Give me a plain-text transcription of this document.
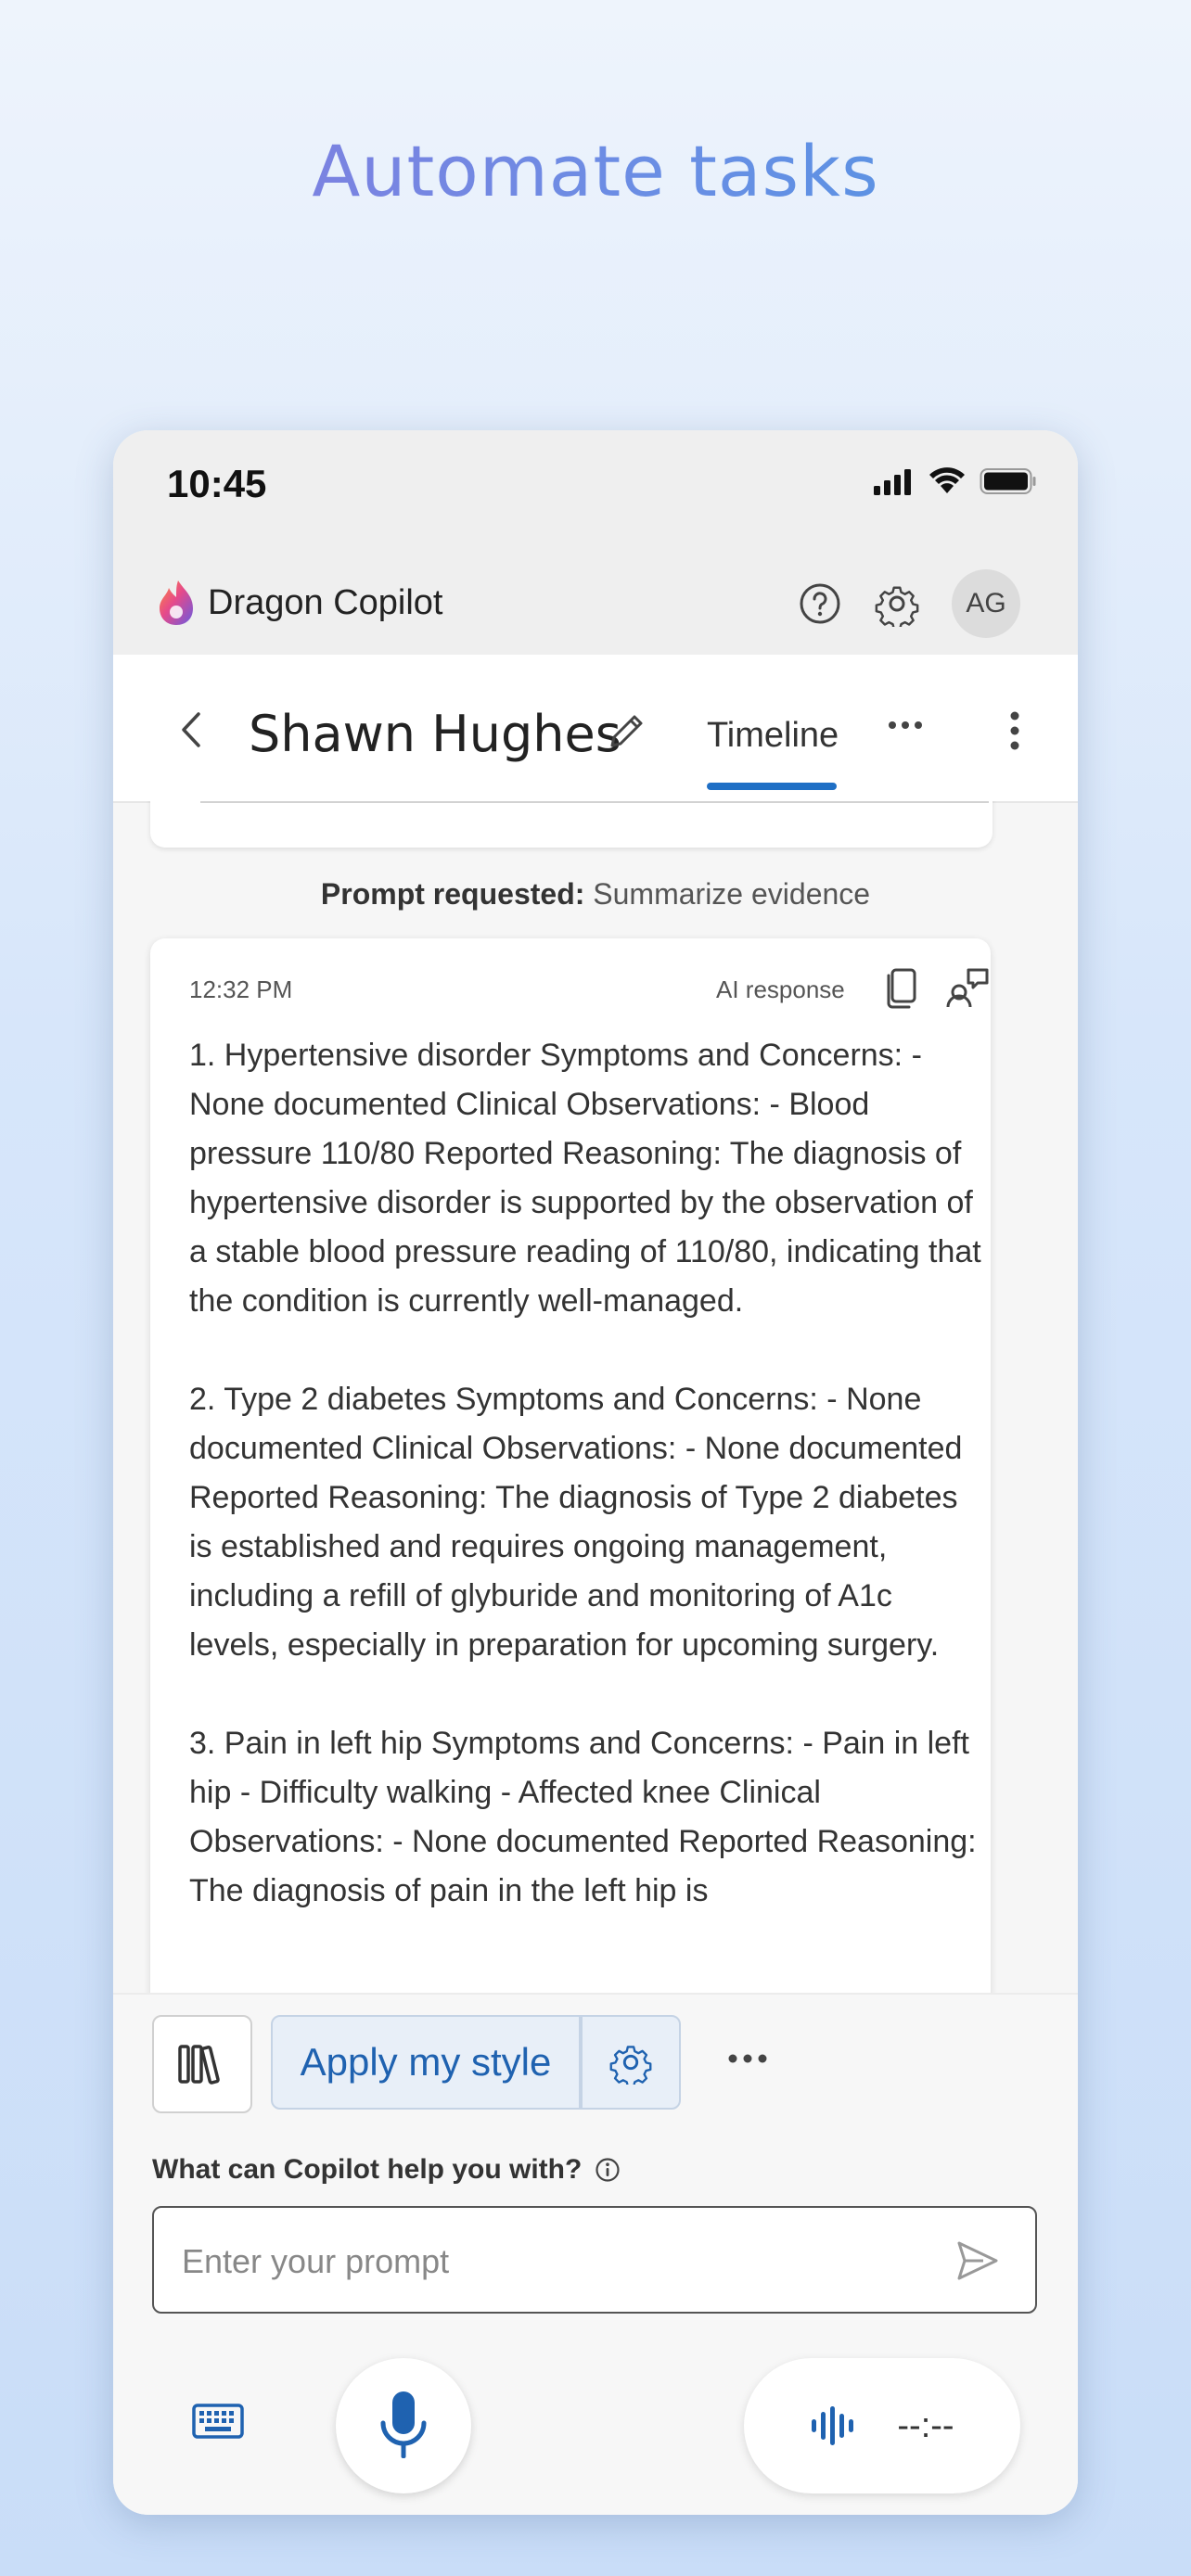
Automate tasks
10:45
Dragon Copilot	AG
Shawn Hughes Timeline
Prompt requested: Summarize evidence
12:32 PM	AI response

1. Hypertensive disorder Symptoms and Concerns: - None documented Clinical Observations: - Blood pressure 110/80 Reported Reasoning: The diagnosis of hypertensive disorder is supported by the observation of a stable blood pressure reading of 110/80, indicating that the condition is currently well-managed.

2. Type 2 diabetes Symptoms and Concerns: - None documented Clinical Observations: - None documented Reported Reasoning: The diagnosis of Type 2 diabetes is established and requires ongoing management, including a refill of glyburide and monitoring of A1c levels, especially in preparation for upcoming surgery.

3. Pain in left hip Symptoms and Concerns: - Pain in left hip - Difficulty walking - Affected knee Clinical Observations: - None documented Reported Reasoning: The diagnosis of pain in the left hip is

Apply my style
What can Copilot help you with?
Enter your prompt
--:--
